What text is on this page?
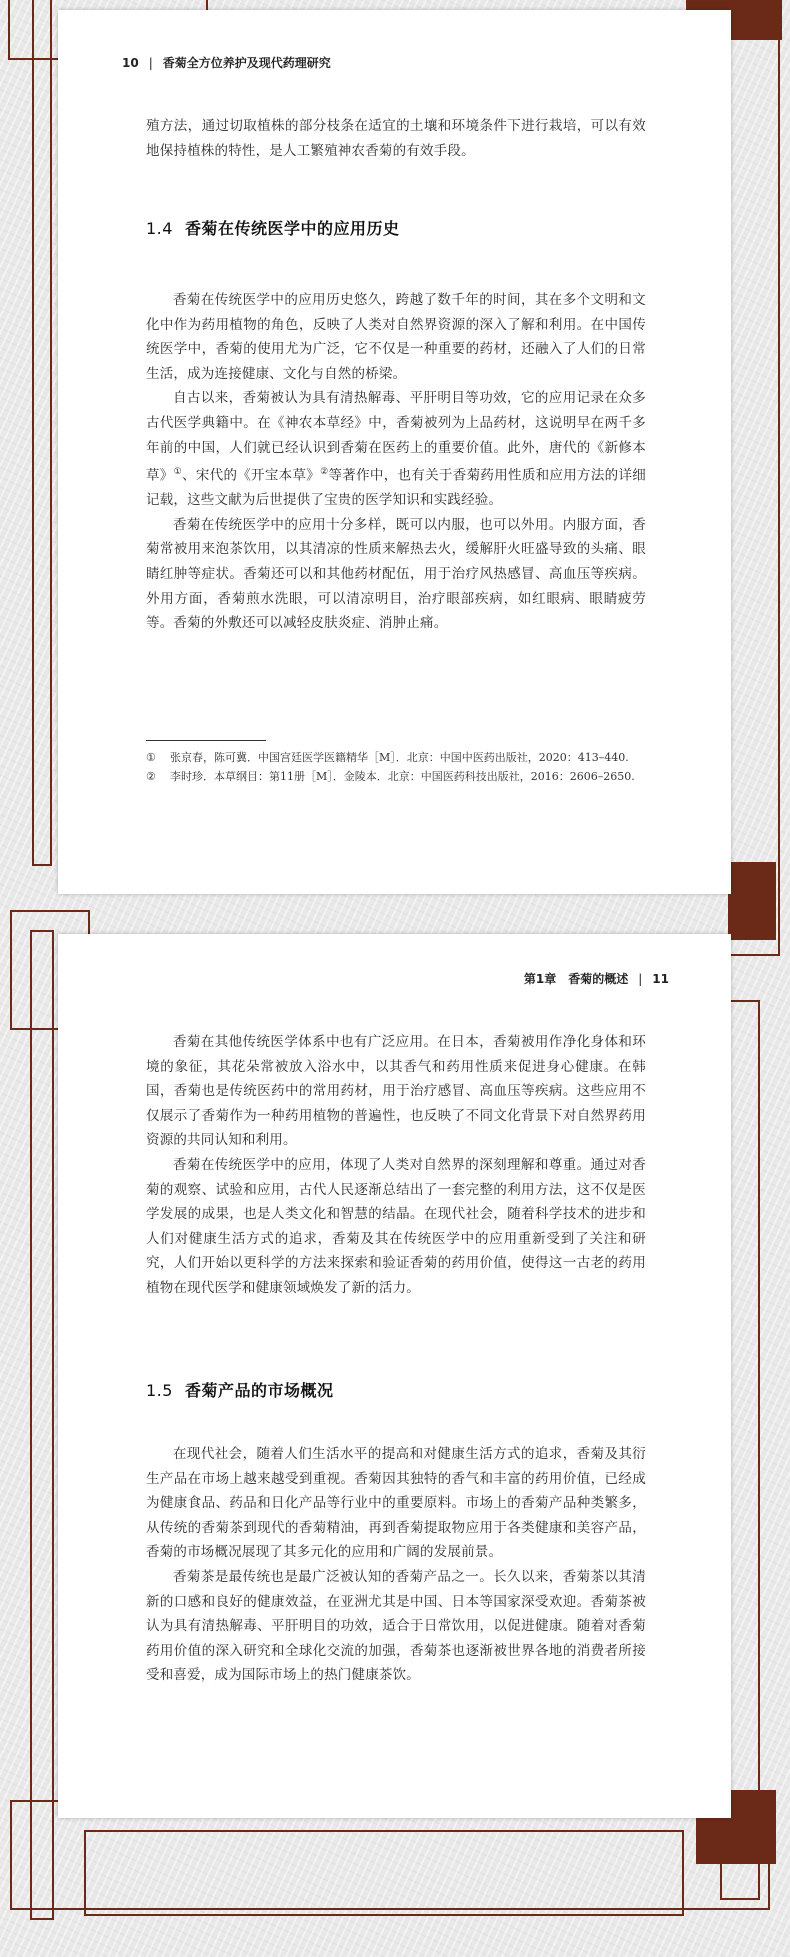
10 | 香菊全方位养护及现代药理研究

殖方法，通过切取植株的部分枝条在适宜的土壤和环境条件下进行栽培，可以有效地保持植株的特性，是人工繁殖神农香菊的有效手段。

1.4 香菊在传统医学中的应用历史

香菊在传统医学中的应用历史悠久，跨越了数千年的时间，其在多个文明和文化中作为药用植物的角色，反映了人类对自然界资源的深入了解和利用。在中国传统医学中，香菊的使用尤为广泛，它不仅是一种重要的药材，还融入了人们的日常生活，成为连接健康、文化与自然的桥梁。

自古以来，香菊被认为具有清热解毒、平肝明目等功效，它的应用记录在众多古代医学典籍中。在《神农本草经》中，香菊被列为上品药材，这说明早在两千多年前的中国，人们就已经认识到香菊在医药上的重要价值。此外，唐代的《新修本草》①、宋代的《开宝本草》②等著作中，也有关于香菊药用性质和应用方法的详细记载，这些文献为后世提供了宝贵的医学知识和实践经验。

香菊在传统医学中的应用十分多样，既可以内服，也可以外用。内服方面，香菊常被用来泡茶饮用，以其清凉的性质来解热去火，缓解肝火旺盛导致的头痛、眼睛红肿等症状。香菊还可以和其他药材配伍，用于治疗风热感冒、高血压等疾病。外用方面，香菊煎水洗眼，可以清凉明目，治疗眼部疾病，如红眼病、眼睛疲劳等。香菊的外敷还可以减轻皮肤炎症、消肿止痛。

① 张京春，陈可冀．中国宫廷医学医籍精华［M］．北京：中国中医药出版社，2020：413–440.

② 李时珍．本草纲目：第11册［M］．金陵本．北京：中国医药科技出版社，2016：2606–2650.

第1章　香菊的概述 | 11

香菊在其他传统医学体系中也有广泛应用。在日本，香菊被用作净化身体和环境的象征，其花朵常被放入浴水中，以其香气和药用性质来促进身心健康。在韩国，香菊也是传统医药中的常用药材，用于治疗感冒、高血压等疾病。这些应用不仅展示了香菊作为一种药用植物的普遍性，也反映了不同文化背景下对自然界药用资源的共同认知和利用。

香菊在传统医学中的应用，体现了人类对自然界的深刻理解和尊重。通过对香菊的观察、试验和应用，古代人民逐渐总结出了一套完整的利用方法，这不仅是医学发展的成果，也是人类文化和智慧的结晶。在现代社会，随着科学技术的进步和人们对健康生活方式的追求，香菊及其在传统医学中的应用重新受到了关注和研究，人们开始以更科学的方法来探索和验证香菊的药用价值，使得这一古老的药用植物在现代医学和健康领域焕发了新的活力。

1.5 香菊产品的市场概况

在现代社会，随着人们生活水平的提高和对健康生活方式的追求，香菊及其衍生产品在市场上越来越受到重视。香菊因其独特的香气和丰富的药用价值，已经成为健康食品、药品和日化产品等行业中的重要原料。市场上的香菊产品种类繁多，从传统的香菊茶到现代的香菊精油，再到香菊提取物应用于各类健康和美容产品，香菊的市场概况展现了其多元化的应用和广阔的发展前景。

香菊茶是最传统也是最广泛被认知的香菊产品之一。长久以来，香菊茶以其清新的口感和良好的健康效益，在亚洲尤其是中国、日本等国家深受欢迎。香菊茶被认为具有清热解毒、平肝明目的功效，适合于日常饮用，以促进健康。随着对香菊药用价值的深入研究和全球化交流的加强，香菊茶也逐渐被世界各地的消费者所接受和喜爱，成为国际市场上的热门健康茶饮。
